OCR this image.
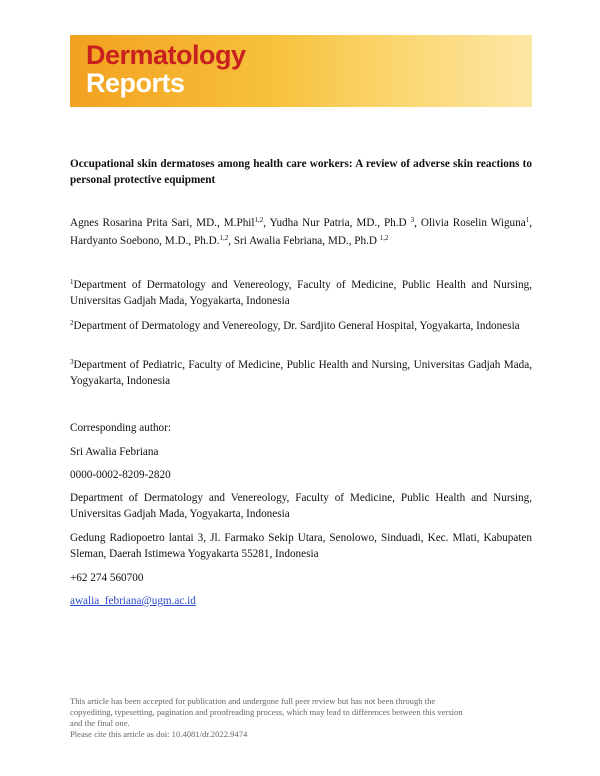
Dermatology
Reports
Occupational skin dermatoses among health care workers: A review of adverse skin reactions to personal protective equipment
Agnes Rosarina Prita Sari, MD., M.Phil$^{1,2}$, Yudha Nur Patria, MD., Ph.D $^3$, Olivia Roselin Wiguna$^1$, Hardyanto Soebono, M.D., Ph.D.$^{1,2}$, Sri Awalia Febriana, MD., Ph.D $^{1,2}$
$^1$Department of Dermatology and Venereology, Faculty of Medicine, Public Health and Nursing, Universitas Gadjah Mada, Yogyakarta, Indonesia
$^2$Department of Dermatology and Venereology, Dr. Sardjito General Hospital, Yogyakarta, Indonesia
$^3$Department of Pediatric, Faculty of Medicine, Public Health and Nursing, Universitas Gadjah Mada, Yogyakarta, Indonesia
Corresponding author:
Sri Awalia Febriana
0000-0002-8209-2820
Department of Dermatology and Venereology, Faculty of Medicine, Public Health and Nursing, Universitas Gadjah Mada, Yogyakarta, Indonesia
Gedung Radiopoetro lantai 3, Jl. Farmako Sekip Utara, Senolowo, Sinduadi, Kec. Mlati, Kabupaten Sleman, Daerah Istimewa Yogyakarta 55281, Indonesia
+62 274 560700
awalia_febriana@ugm.ac.id
This article has been accepted for publication and undergone full peer review but has not been through the
copyediting, typesetting, pagination and proofreading process, which may lead to differences between this version
and the final one.
Please cite this article as doi: 10.4081/dr.2022.9474
